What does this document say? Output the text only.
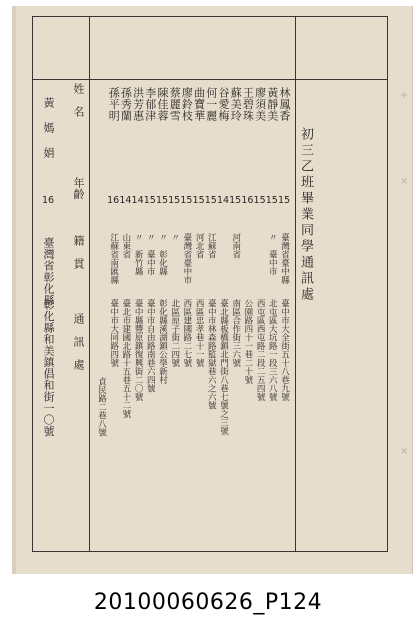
初三乙班畢業同學通訊處
姓　名
年齡
籍　貫
通　訊　處
黃 媽 娟
16
臺灣省彰化縣
彰化縣和美鎮倡和街一〇號
林鳳香
15
臺灣省臺中縣
臺中市大全街五十八巷九號
黃靜美
15
〃　臺中市
北屯區大坑路一段三六八號
廖須美
15
西屯區西屯路二段二五四號
王碧珠
16
公園路四十一巷二十號
蘇美玲
15
河南省
南區合作街三六號
谷愛梅
14
臺北縣板橋鎮北門街八巷七號之三號
何一麗
15
江蘇省
臺中市林森路監獄巷六之六號
曲寶華
15
河北省
西區忠孝巷十一號
廖鈴枝
15
臺灣省臺中市
西區建國路二七號
蔡麗雪
15
〃　
北區原子街二四號
陳佳蓉
15
〃　彰化縣
彰化縣溪湖鎮公學新村
李郁津
15
〃　臺中市
臺中市自由路南巷六四號
洪芳惠
14
〃　新竹縣
臺中縣豐原鎮復興街二〇號
孫秀蘭
14
山東省
臺北市建國北路十五巷五十二號
孫平明
16
江蘇省南匯縣
臺中市大同路四號
貞民路二巷八號
+
×
×
20100060626_P124
